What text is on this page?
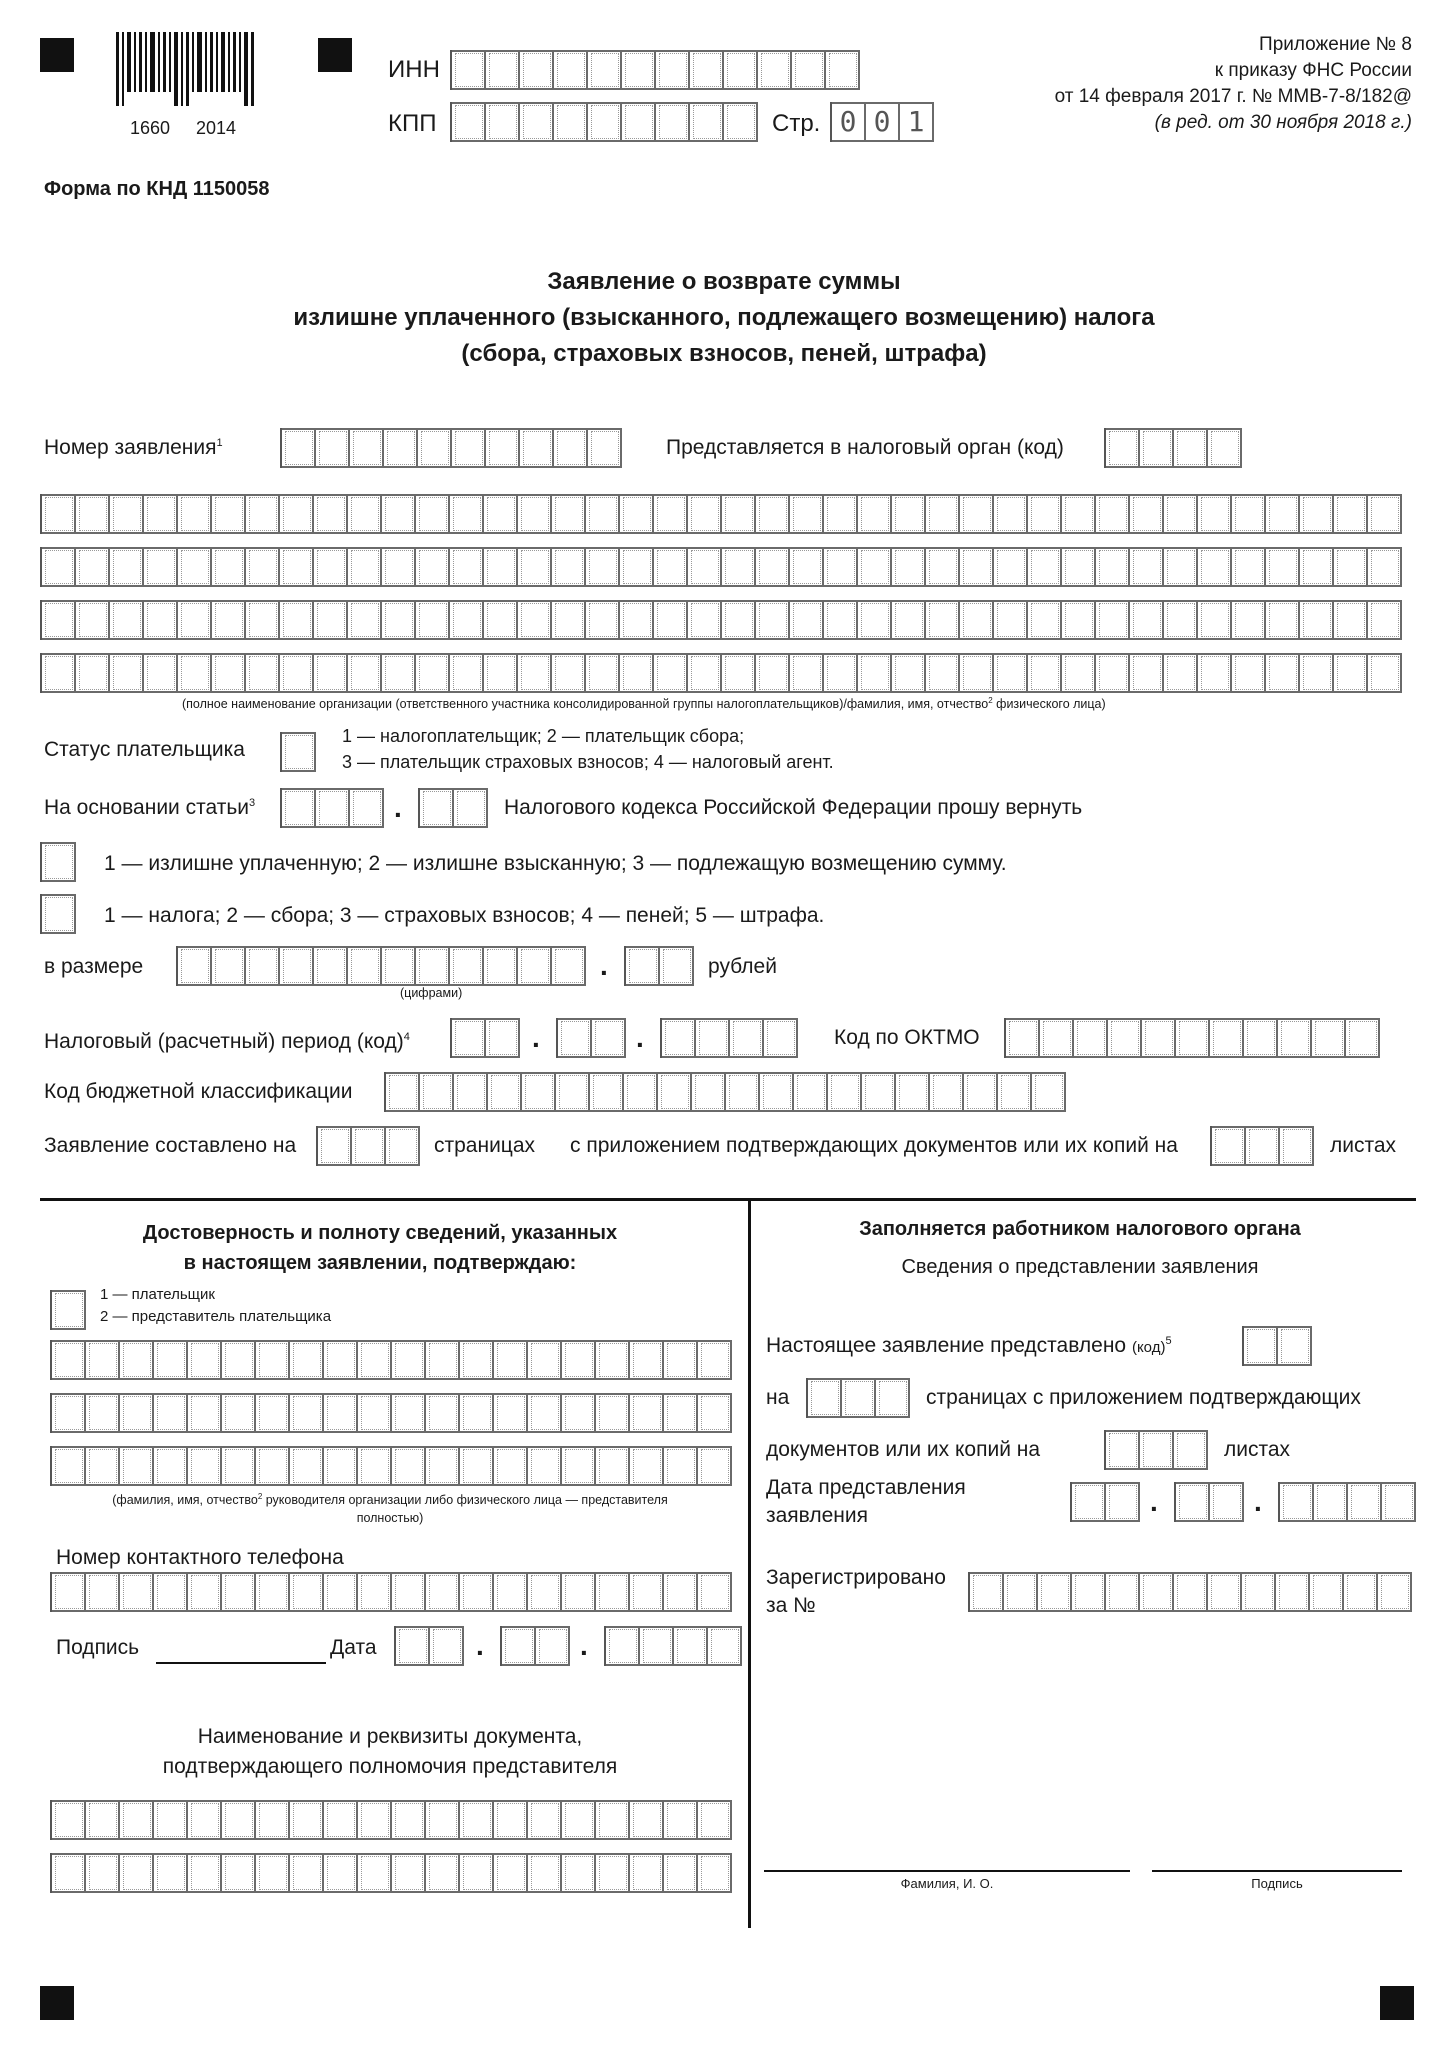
1660 2014
ИНН
КПП	Стр. 0 0 1
Приложение № 8
к приказу ФНС России
от 14 февраля 2017 г. № ММВ-7-8/182@
(в ред. от 30 ноября 2018 г.)
Форма по КНД 1150058
Заявление о возврате суммы
излишне уплаченного (взысканного, подлежащего возмещению) налога
(сбора, страховых взносов, пеней, штрафа)
Номер заявления$^1$	Представляется в налоговый орган (код)
(полное наименование организации (ответственного участника консолидированной группы налогоплательщиков)/фамилия, имя, отчество$^2$ физического лица)
Статус плательщика
1 — налогоплательщик; 2 — плательщик сбора;
3 — плательщик страховых взносов; 4 — налоговый агент.
На основании статьи$^3$	.	Налогового кодекса Российской Федерации прошу вернуть
1 — излишне уплаченную; 2 — излишне взысканную; 3 — подлежащую возмещению сумму.
1 — налога; 2 — сбора; 3 — страховых взносов; 4 — пеней; 5 — штрафа.
в размере	.	рублей
(цифрами)
Налоговый (расчетный) период (код)$^4$	.	.	Код по ОКТМО
Код бюджетной классификации
Заявление составлено на	страницах с приложением подтверждающих документов или их копий на	листах
Достоверность и полноту сведений, указанных
в настоящем заявлении, подтверждаю:
1 — плательщик
2 — представитель плательщика
(фамилия, имя, отчество$^2$ руководителя организации либо физического лица — представителя
полностью)
Номер контактного телефона
Подпись	Дата	.	.
Наименование и реквизиты документа,
подтверждающего полномочия представителя
Заполняется работником налогового органа
Сведения о представлении заявления
Настоящее заявление представлено (код)$^5$
на	страницах с приложением подтверждающих
документов или их копий на	листах
Дата представления
заявления	.	.
Зарегистрировано
за №
Фамилия, И. О.	Подпись
